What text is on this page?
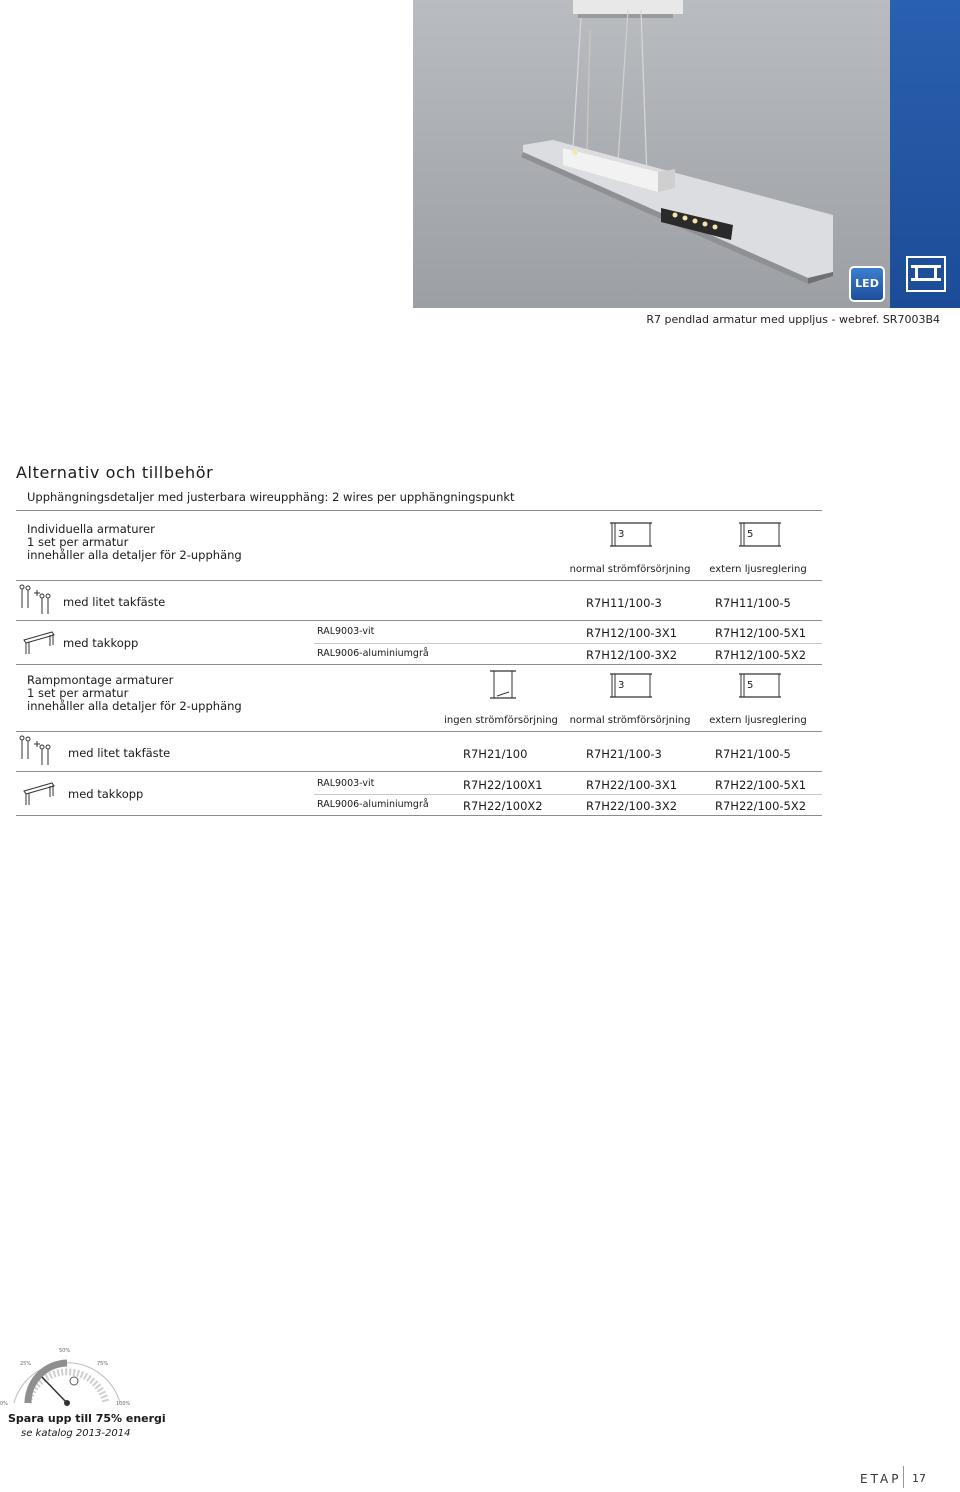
LED
R7 pendlad armatur med uppljus - webref. SR7003B4
Alternativ och tillbehör
Upphängningsdetaljer med justerbara wireupphäng: 2 wires per upphängningspunkt
Individuella armaturer
1 set per armatur
innehåller alla detaljer för 2-upphäng
3	5
normal strömförsörjning	extern ljusreglering
med litet takfäste	R7H11/100-3	R7H11/100-5
med takkopp
RAL9003-vit	R7H12/100-3X1	R7H12/100-5X1
RAL9006-aluminiumgrå	R7H12/100-3X2	R7H12/100-5X2
Rampmontage armaturer
1 set per armatur
innehåller alla detaljer för 2-upphäng
3	5
ingen strömförsörjning	normal strömförsörjning	extern ljusreglering
med litet takfäste	R7H21/100	R7H21/100-3	R7H21/100-5
med takkopp
RAL9003-vit	R7H22/100X1	R7H22/100-3X1	R7H22/100-5X1
RAL9006-aluminiumgrå	R7H22/100X2	R7H22/100-3X2	R7H22/100-5X2
0%
25%
50%
75%
100%
Spara upp till 75% energi
se katalog 2013-2014
ETAP 17
